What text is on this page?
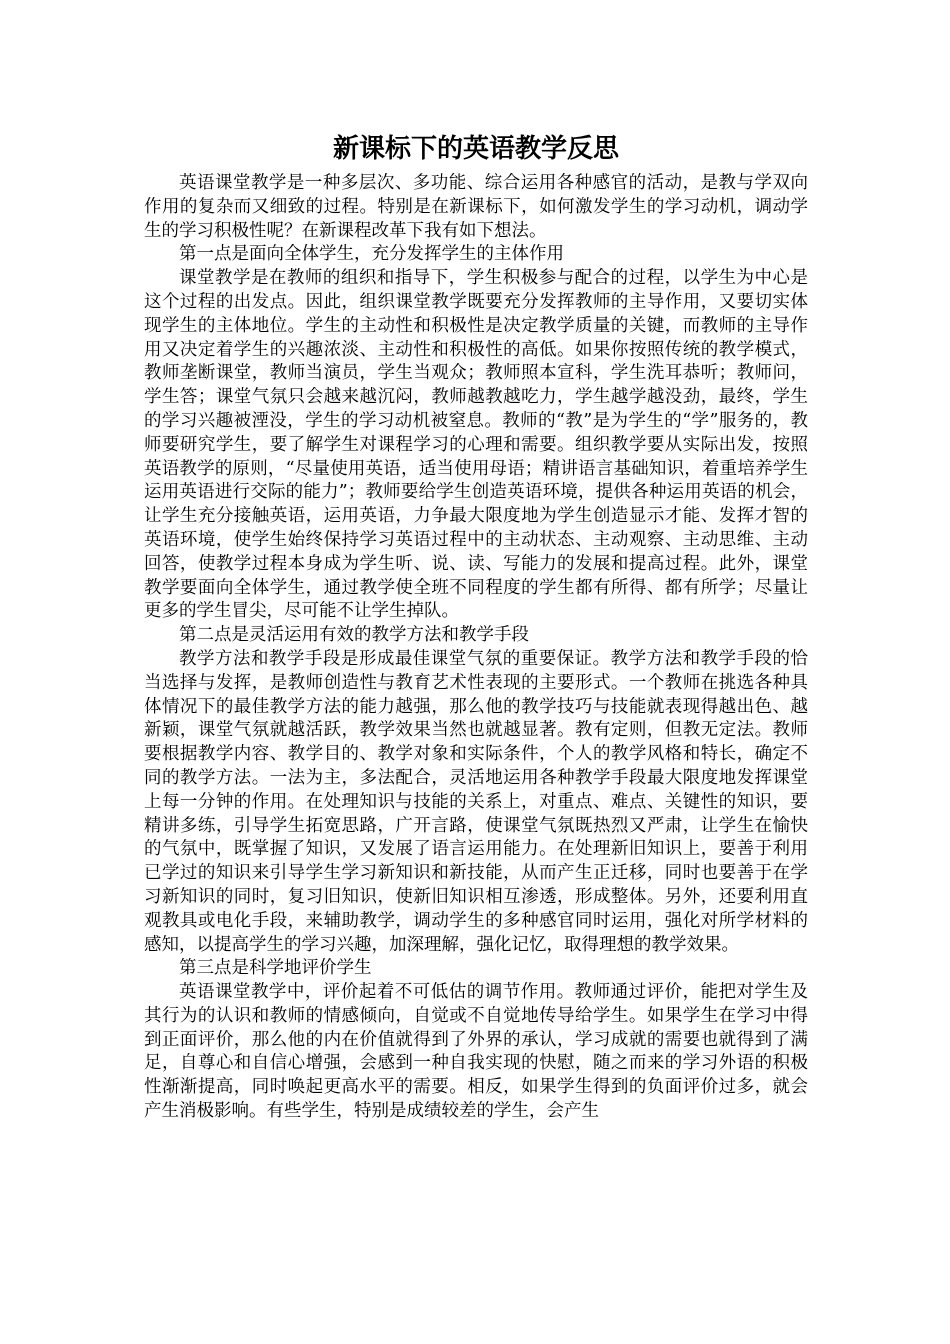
新课标下的英语教学反思

英语课堂教学是一种多层次、多功能、综合运用各种感官的活动，是教与学双向作用的复杂而又细致的过程。特别是在新课标下，如何激发学生的学习动机，调动学生的学习积极性呢？在新课程改革下我有如下想法。

第一点是面向全体学生，充分发挥学生的主体作用

课堂教学是在教师的组织和指导下，学生积极参与配合的过程，以学生为中心是这个过程的出发点。因此，组织课堂教学既要充分发挥教师的主导作用，又要切实体现学生的主体地位。学生的主动性和积极性是决定教学质量的关键，而教师的主导作用又决定着学生的兴趣浓淡、主动性和积极性的高低。如果你按照传统的教学模式，教师垄断课堂，教师当演员，学生当观众；教师照本宣科，学生洗耳恭听；教师问，学生答；课堂气氛只会越来越沉闷，教师越教越吃力，学生越学越没劲，最终，学生的学习兴趣被湮没，学生的学习动机被窒息。教师的“教”是为学生的“学”服务的，教师要研究学生，要了解学生对课程学习的心理和需要。组织教学要从实际出发，按照英语教学的原则，“尽量使用英语，适当使用母语；精讲语言基础知识，着重培养学生运用英语进行交际的能力”；教师要给学生创造英语环境，提供各种运用英语的机会，让学生充分接触英语，运用英语，力争最大限度地为学生创造显示才能、发挥才智的英语环境，使学生始终保持学习英语过程中的主动状态、主动观察、主动思维、主动回答，使教学过程本身成为学生听、说、读、写能力的发展和提高过程。此外，课堂教学要面向全体学生，通过教学使全班不同程度的学生都有所得、都有所学；尽量让更多的学生冒尖，尽可能不让学生掉队。

第二点是灵活运用有效的教学方法和教学手段

教学方法和教学手段是形成最佳课堂气氛的重要保证。教学方法和教学手段的恰当选择与发挥，是教师创造性与教育艺术性表现的主要形式。一个教师在挑选各种具体情况下的最佳教学方法的能力越强，那么他的教学技巧与技能就表现得越出色、越新颖，课堂气氛就越活跃，教学效果当然也就越显著。教有定则，但教无定法。教师要根据教学内容、教学目的、教学对象和实际条件，个人的教学风格和特长，确定不同的教学方法。一法为主，多法配合，灵活地运用各种教学手段最大限度地发挥课堂上每一分钟的作用。在处理知识与技能的关系上，对重点、难点、关键性的知识，要精讲多练，引导学生拓宽思路，广开言路，使课堂气氛既热烈又严肃，让学生在愉快的气氛中，既掌握了知识，又发展了语言运用能力。在处理新旧知识上，要善于利用已学过的知识来引导学生学习新知识和新技能，从而产生正迁移，同时也要善于在学习新知识的同时，复习旧知识，使新旧知识相互渗透，形成整体。另外，还要利用直观教具或电化手段，来辅助教学，调动学生的多种感官同时运用，强化对所学材料的感知，以提高学生的学习兴趣，加深理解，强化记忆，取得理想的教学效果。

第三点是科学地评价学生

英语课堂教学中，评价起着不可低估的调节作用。教师通过评价，能把对学生及其行为的认识和教师的情感倾向，自觉或不自觉地传导给学生。如果学生在学习中得到正面评价，那么他的内在价值就得到了外界的承认，学习成就的需要也就得到了满足，自尊心和自信心增强，会感到一种自我实现的快慰，随之而来的学习外语的积极性渐渐提高，同时唤起更高水平的需要。相反，如果学生得到的负面评价过多，就会产生消极影响。有些学生，特别是成绩较差的学生，会产生
